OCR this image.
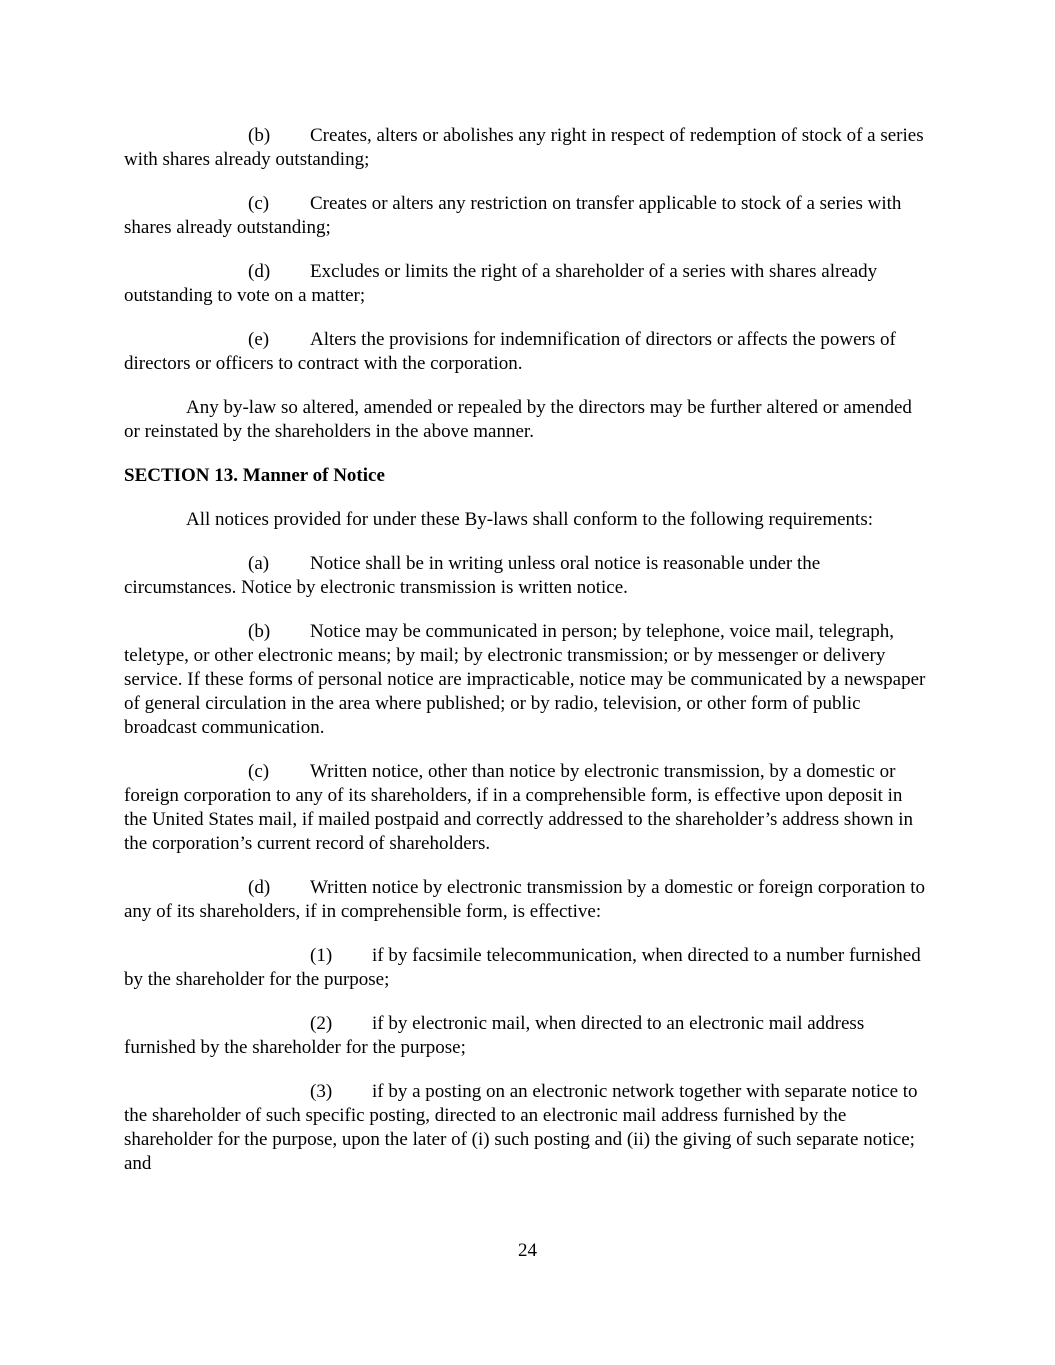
(b) Creates, alters or abolishes any right in respect of redemption of stock of a series with shares already outstanding;

(c) Creates or alters any restriction on transfer applicable to stock of a series with shares already outstanding;

(d) Excludes or limits the right of a shareholder of a series with shares already outstanding to vote on a matter;

(e) Alters the provisions for indemnification of directors or affects the powers of directors or officers to contract with the corporation.

Any by-law so altered, amended or repealed by the directors may be further altered or amended or reinstated by the shareholders in the above manner.

SECTION 13. Manner of Notice

All notices provided for under these By-laws shall conform to the following requirements:

(a) Notice shall be in writing unless oral notice is reasonable under the circumstances. Notice by electronic transmission is written notice.

(b) Notice may be communicated in person; by telephone, voice mail, telegraph, teletype, or other electronic means; by mail; by electronic transmission; or by messenger or delivery service. If these forms of personal notice are impracticable, notice may be communicated by a newspaper of general circulation in the area where published; or by radio, television, or other form of public broadcast communication.

(c) Written notice, other than notice by electronic transmission, by a domestic or foreign corporation to any of its shareholders, if in a comprehensible form, is effective upon deposit in the United States mail, if mailed postpaid and correctly addressed to the shareholder’s address shown in the corporation’s current record of shareholders.

(d) Written notice by electronic transmission by a domestic or foreign corporation to any of its shareholders, if in comprehensible form, is effective:

(1) if by facsimile telecommunication, when directed to a number furnished by the shareholder for the purpose;

(2) if by electronic mail, when directed to an electronic mail address furnished by the shareholder for the purpose;

(3) if by a posting on an electronic network together with separate notice to the shareholder of such specific posting, directed to an electronic mail address furnished by the shareholder for the purpose, upon the later of (i) such posting and (ii) the giving of such separate notice; and

24
